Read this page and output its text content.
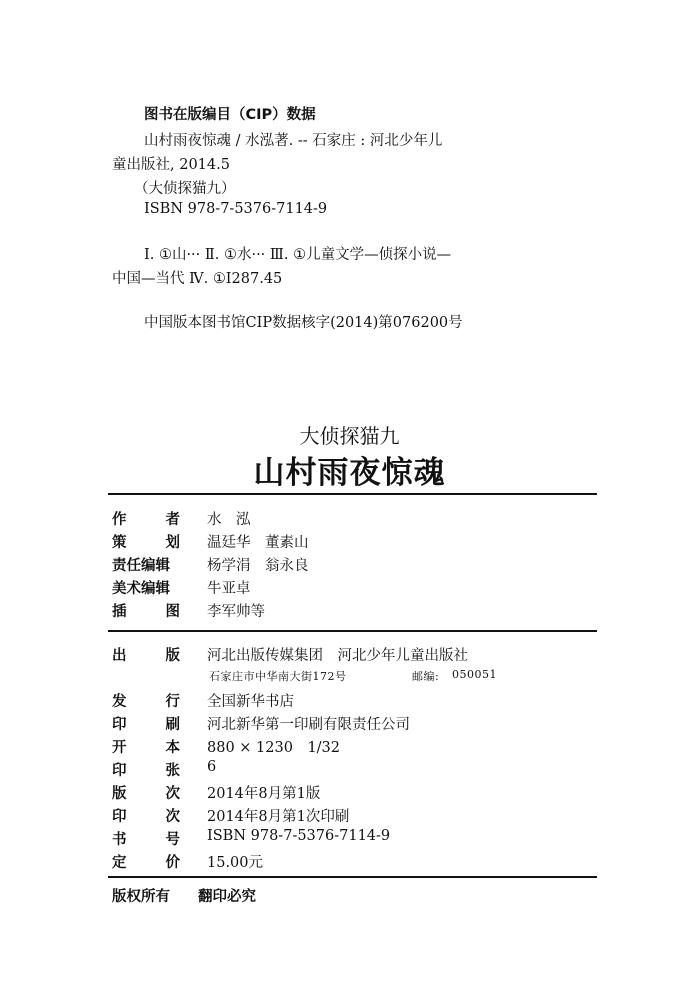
图书在版编目（CIP）数据
山村雨夜惊魂 / 水泓著. -- 石家庄 : 河北少年儿
童出版社, 2014.5
（大侦探猫九）
ISBN 978-7-5376-7114-9
Ⅰ. ①山··· Ⅱ. ①水··· Ⅲ. ①儿童文学—侦探小说—
中国—当代 Ⅳ. ①I287.45
中国版本图书馆CIP数据核字(2014)第076200号
大侦探猫九
山村雨夜惊魂
作	者 水　泓
策	划 温廷华　董素山
责任编辑	杨学涓　翁永良
美术编辑	牛亚卓
插	图 李军帅等
出	版 河北出版传媒集团　河北少年儿童出版社
石家庄市中华南大街172号	邮编: 050051
发	行 全国新华书店
印	刷 河北新华第一印刷有限责任公司
开	本 880 × 1230　1/32
印	张 6
版	次 2014年8月第1版
印	次 2014年8月第1次印刷
书	号 ISBN 978-7-5376-7114-9
定	价 15.00元
版权所有 翻印必究
